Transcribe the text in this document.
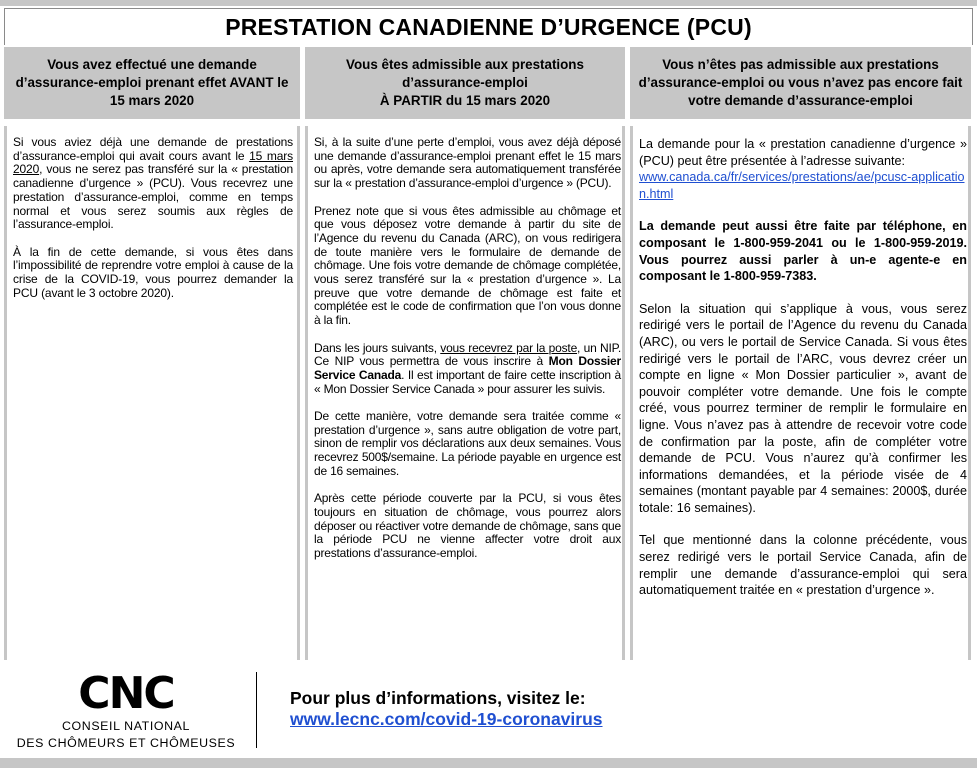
PRESTATION CANADIENNE D’URGENCE (PCU)
Vous avez effectué une demande
d’assurance-emploi prenant effet AVANT le
15 mars 2020
Vous êtes admissible aux prestations
d’assurance-emploi
À PARTIR du 15 mars 2020
Vous n’êtes pas admissible aux prestations
d’assurance-emploi ou vous n’avez pas encore fait
votre demande d’assurance-emploi

Si vous aviez déjà une demande de prestations d’assurance-emploi qui avait cours avant le 15 mars 2020, vous ne serez pas transféré sur la « prestation canadienne d’urgence » (PCU). Vous recevrez une prestation d’assurance-emploi, comme en temps normal et vous serez soumis aux règles de l’assurance-emploi.

À la fin de cette demande, si vous êtes dans l’impossibilité de reprendre votre emploi à cause de la crise de la COVID-19, vous pourrez demander la PCU (avant le 3 octobre 2020).

Si, à la suite d’une perte d’emploi, vous avez déjà déposé une demande d’assurance-emploi prenant effet le 15 mars ou après, votre demande sera automatiquement transférée sur la « prestation d’assurance-emploi d’urgence » (PCU).

Prenez note que si vous êtes admissible au chômage et que vous déposez votre demande à partir du site de l’Agence du revenu du Canada (ARC), on vous redirigera de toute manière vers le formulaire de demande de chômage. Une fois votre demande de chômage complétée, vous serez transféré sur la « prestation d’urgence ». La preuve que votre demande de chômage est faite et complétée est le code de confirmation que l’on vous donne à la fin.

Dans les jours suivants, vous recevrez par la poste, un NIP. Ce NIP vous permettra de vous inscrire à Mon Dossier Service Canada. Il est important de faire cette inscription à « Mon Dossier Service Canada » pour assurer les suivis.

De cette manière, votre demande sera traitée comme « prestation d’urgence », sans autre obligation de votre part, sinon de remplir vos déclarations aux deux semaines. Vous recevrez 500$/semaine. La période payable en urgence est de 16 semaines.

Après cette période couverte par la PCU, si vous êtes toujours en situation de chômage, vous pourrez alors déposer ou réactiver votre demande de chômage, sans que la période PCU ne vienne affecter votre droit aux prestations d’assurance-emploi.

La demande pour la « prestation canadienne d’urgence » (PCU) peut être présentée à l’adresse suivante:

www.canada.ca/fr/services/prestations/ae/pcusc-application.html

La demande peut aussi être faite par téléphone, en composant le 1-800-959-2041 ou le 1-800-959-2019. Vous pourrez aussi parler à un-e agente-e en composant le 1-800-959-7383.

Selon la situation qui s’applique à vous, vous serez redirigé vers le portail de l’Agence du revenu du Canada (ARC), ou vers le portail de Service Canada. Si vous êtes redirigé vers le portail de l’ARC, vous devrez créer un compte en ligne « Mon Dossier particulier », avant de pouvoir compléter votre demande. Une fois le compte créé, vous pourrez terminer de remplir le formulaire en ligne. Vous n’avez pas à attendre de recevoir votre code de confirmation par la poste, afin de compléter votre demande de PCU. Vous n’aurez qu’à confirmer les informations demandées, et la période visée de 4 semaines (montant payable par 4 semaines: 2000$, durée totale: 16 semaines).

Tel que mentionné dans la colonne précédente, vous serez redirigé vers le portail Service Canada, afin de remplir une demande d’assurance-emploi qui sera automatiquement traitée en « prestation d’urgence ».

CNC
CONSEIL NATIONAL
DES CHÔMEURS ET CHÔMEUSES
Pour plus d’informations, visitez le:
www.lecnc.com/covid-19-coronavirus
